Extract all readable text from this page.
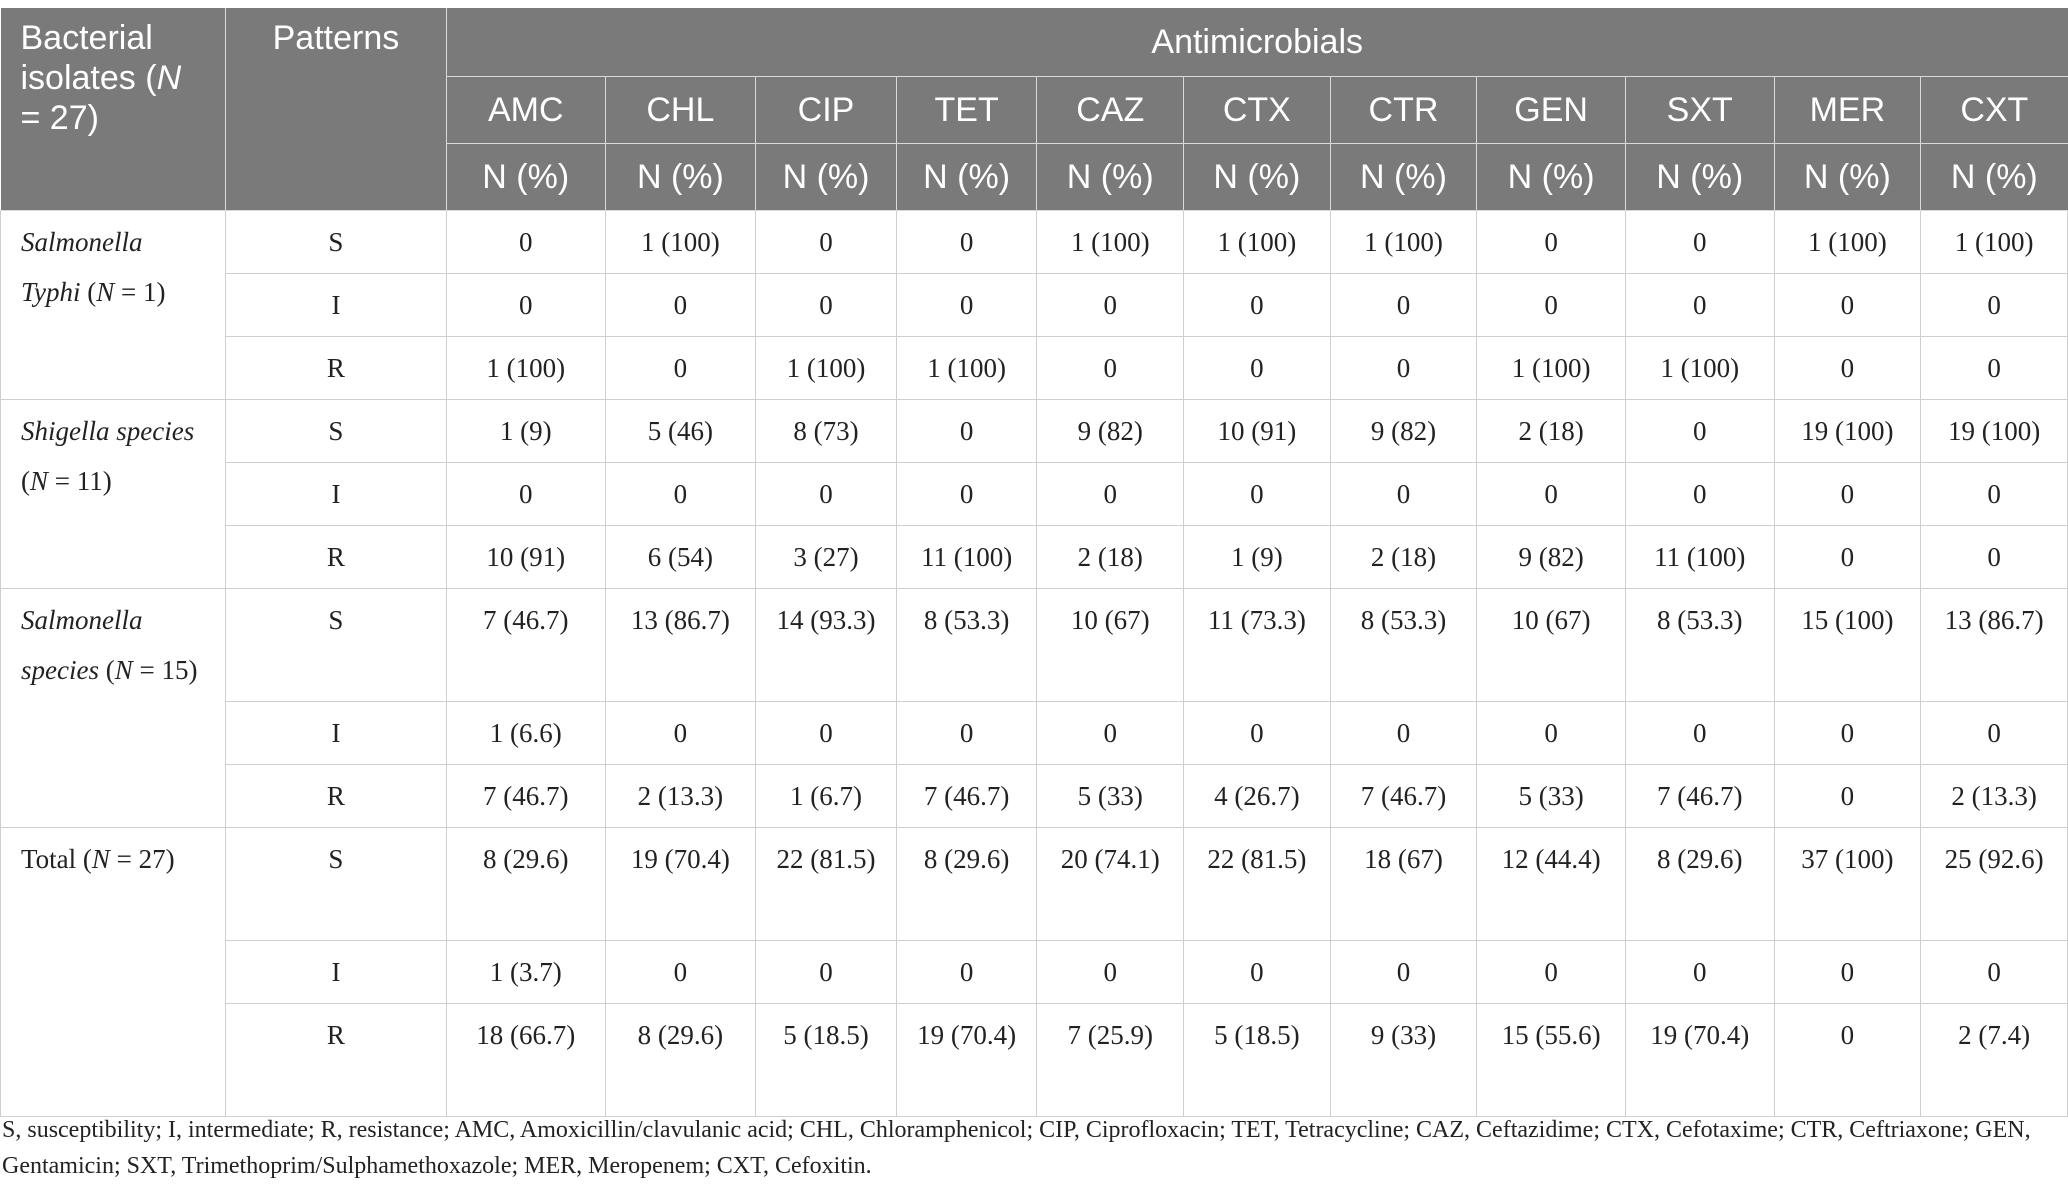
Bacterial isolates (N = 27)	Patterns	Antimicrobials										
		AMC	CHL	CIP	TET	CAZ	CTX	CTR	GEN	SXT	MER	CXT
		N (%)	N (%)	N (%)	N (%)	N (%)	N (%)	N (%)	N (%)	N (%)	N (%)	N (%)
Salmonella Typhi (N = 1)	S	0	1 (100)	0	0	1 (100)	1 (100)	1 (100)	0	0	1 (100)	1 (100)
	I	0	0	0	0	0	0	0	0	0	0	0
	R	1 (100)	0	1 (100)	1 (100)	0	0	0	1 (100)	1 (100)	0	0
Shigella species (N = 11)	S	1 (9)	5 (46)	8 (73)	0	9 (82)	10 (91)	9 (82)	2 (18)	0	19 (100)	19 (100)
	I	0	0	0	0	0	0	0	0	0	0	0
	R	10 (91)	6 (54)	3 (27)	11 (100)	2 (18)	1 (9)	2 (18)	9 (82)	11 (100)	0	0
Salmonella species (N = 15)	S	7 (46.7)	13 (86.7)	14 (93.3)	8 (53.3)	10 (67)	11 (73.3)	8 (53.3)	10 (67)	8 (53.3)	15 (100)	13 (86.7)
	I	1 (6.6)	0	0	0	0	0	0	0	0	0	0
	R	7 (46.7)	2 (13.3)	1 (6.7)	7 (46.7)	5 (33)	4 (26.7)	7 (46.7)	5 (33)	7 (46.7)	0	2 (13.3)
Total (N = 27)	S	8 (29.6)	19 (70.4)	22 (81.5)	8 (29.6)	20 (74.1)	22 (81.5)	18 (67)	12 (44.4)	8 (29.6)	37 (100)	25 (92.6)
	I	1 (3.7)	0	0	0	0	0	0	0	0	0	0
	R	18 (66.7)	8 (29.6)	5 (18.5)	19 (70.4)	7 (25.9)	5 (18.5)	9 (33)	15 (55.6)	19 (70.4)	0	2 (7.4)
S, susceptibility; I, intermediate; R, resistance; AMC, Amoxicillin/clavulanic acid; CHL, Chloramphenicol; CIP, Ciprofloxacin; TET, Tetracycline; CAZ, Ceftazidime; CTX, Cefotaxime; CTR, Ceftriaxone; GEN, Gentamicin; SXT, Trimethoprim/Sulphamethoxazole; MER, Meropenem; CXT, Cefoxitin.
